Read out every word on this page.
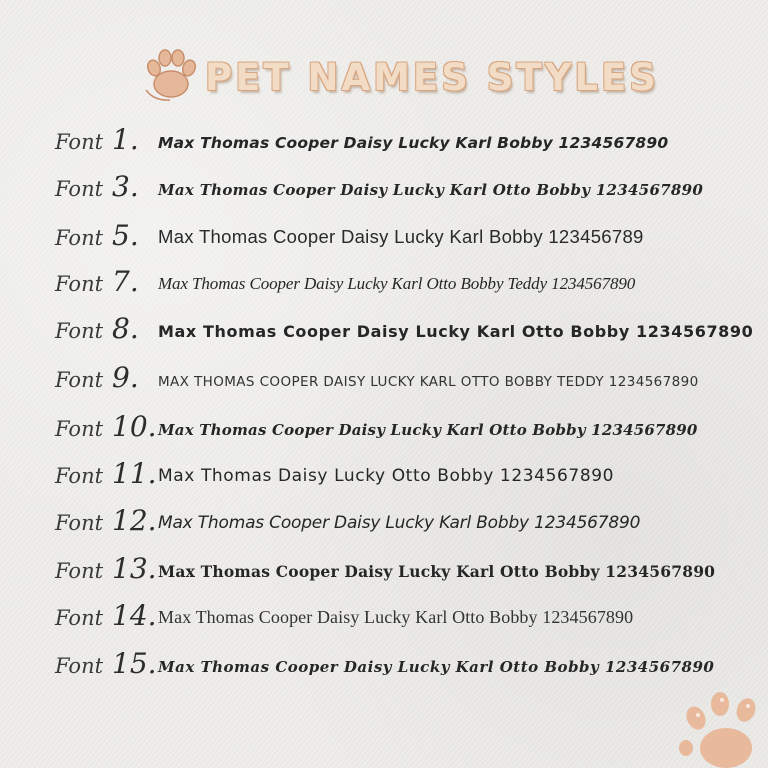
PET NAMES STYLES
Font 1. Max Thomas Cooper Daisy Lucky Karl Bobby 1234567890
Font 3. Max Thomas Cooper Daisy Lucky Karl Otto Bobby 1234567890
Font 5. Max Thomas Cooper Daisy Lucky Karl Bobby 123456789
Font 7. Max Thomas Cooper Daisy Lucky Karl Otto Bobby Teddy 1234567890
Font 8. Max Thomas Cooper Daisy Lucky Karl Otto Bobby 1234567890
Font 9. MAX THOMAS COOPER DAISY LUCKY KARL OTTO BOBBY TEDDY 1234567890
Font 10. Max Thomas Cooper Daisy Lucky Karl Otto Bobby 1234567890
Font 11. Max Thomas Daisy Lucky Otto Bobby 1234567890
Font 12. Max Thomas Cooper Daisy Lucky Karl Bobby 1234567890
Font 13. Max Thomas Cooper Daisy Lucky Karl Otto Bobby 1234567890
Font 14. Max Thomas Cooper Daisy Lucky Karl Otto Bobby 1234567890
Font 15. Max Thomas Cooper Daisy Lucky Karl Otto Bobby 1234567890
